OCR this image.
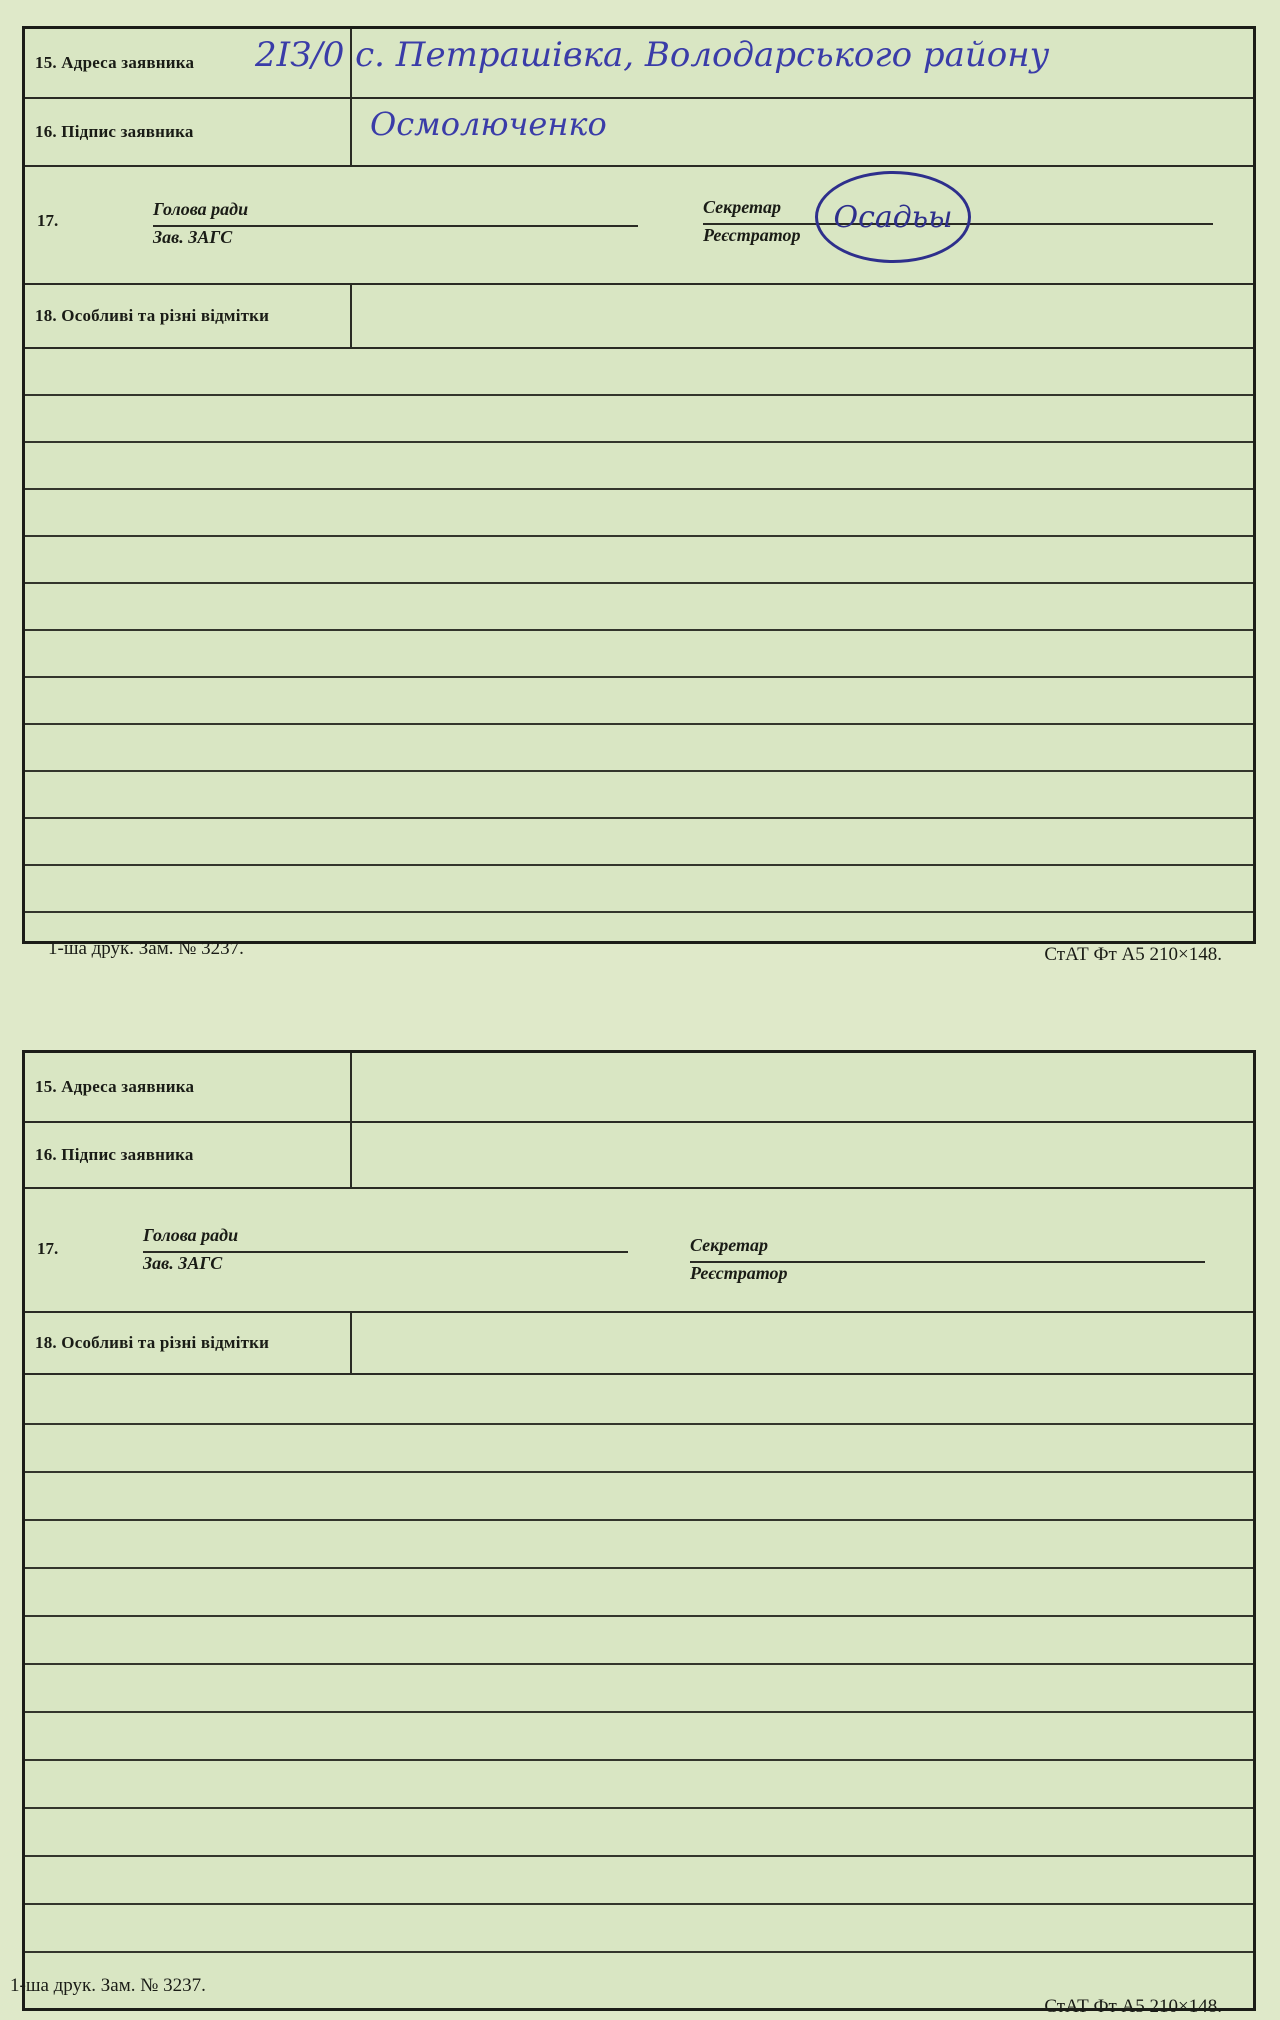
15. Адреса заявника	2ІЗ/0 с. Петрашівка, Володарського району
16. Підпис заявника	Осмолюченко
17.
Голова ради
Зав. ЗАГС
Секретар
Реєстратор
Осадьы
18. Особливі та різні відмітки
1-ша друк. Зам. № 3237.	СтАТ Фт А5 210×148.
15. Адреса заявника
16. Підпис заявника
17.
Голова ради
Зав. ЗАГС
Секретар
Реєстратор
18. Особливі та різні відмітки
1-ша друк. Зам. № 3237.
СтАТ Фт А5 210×148.
